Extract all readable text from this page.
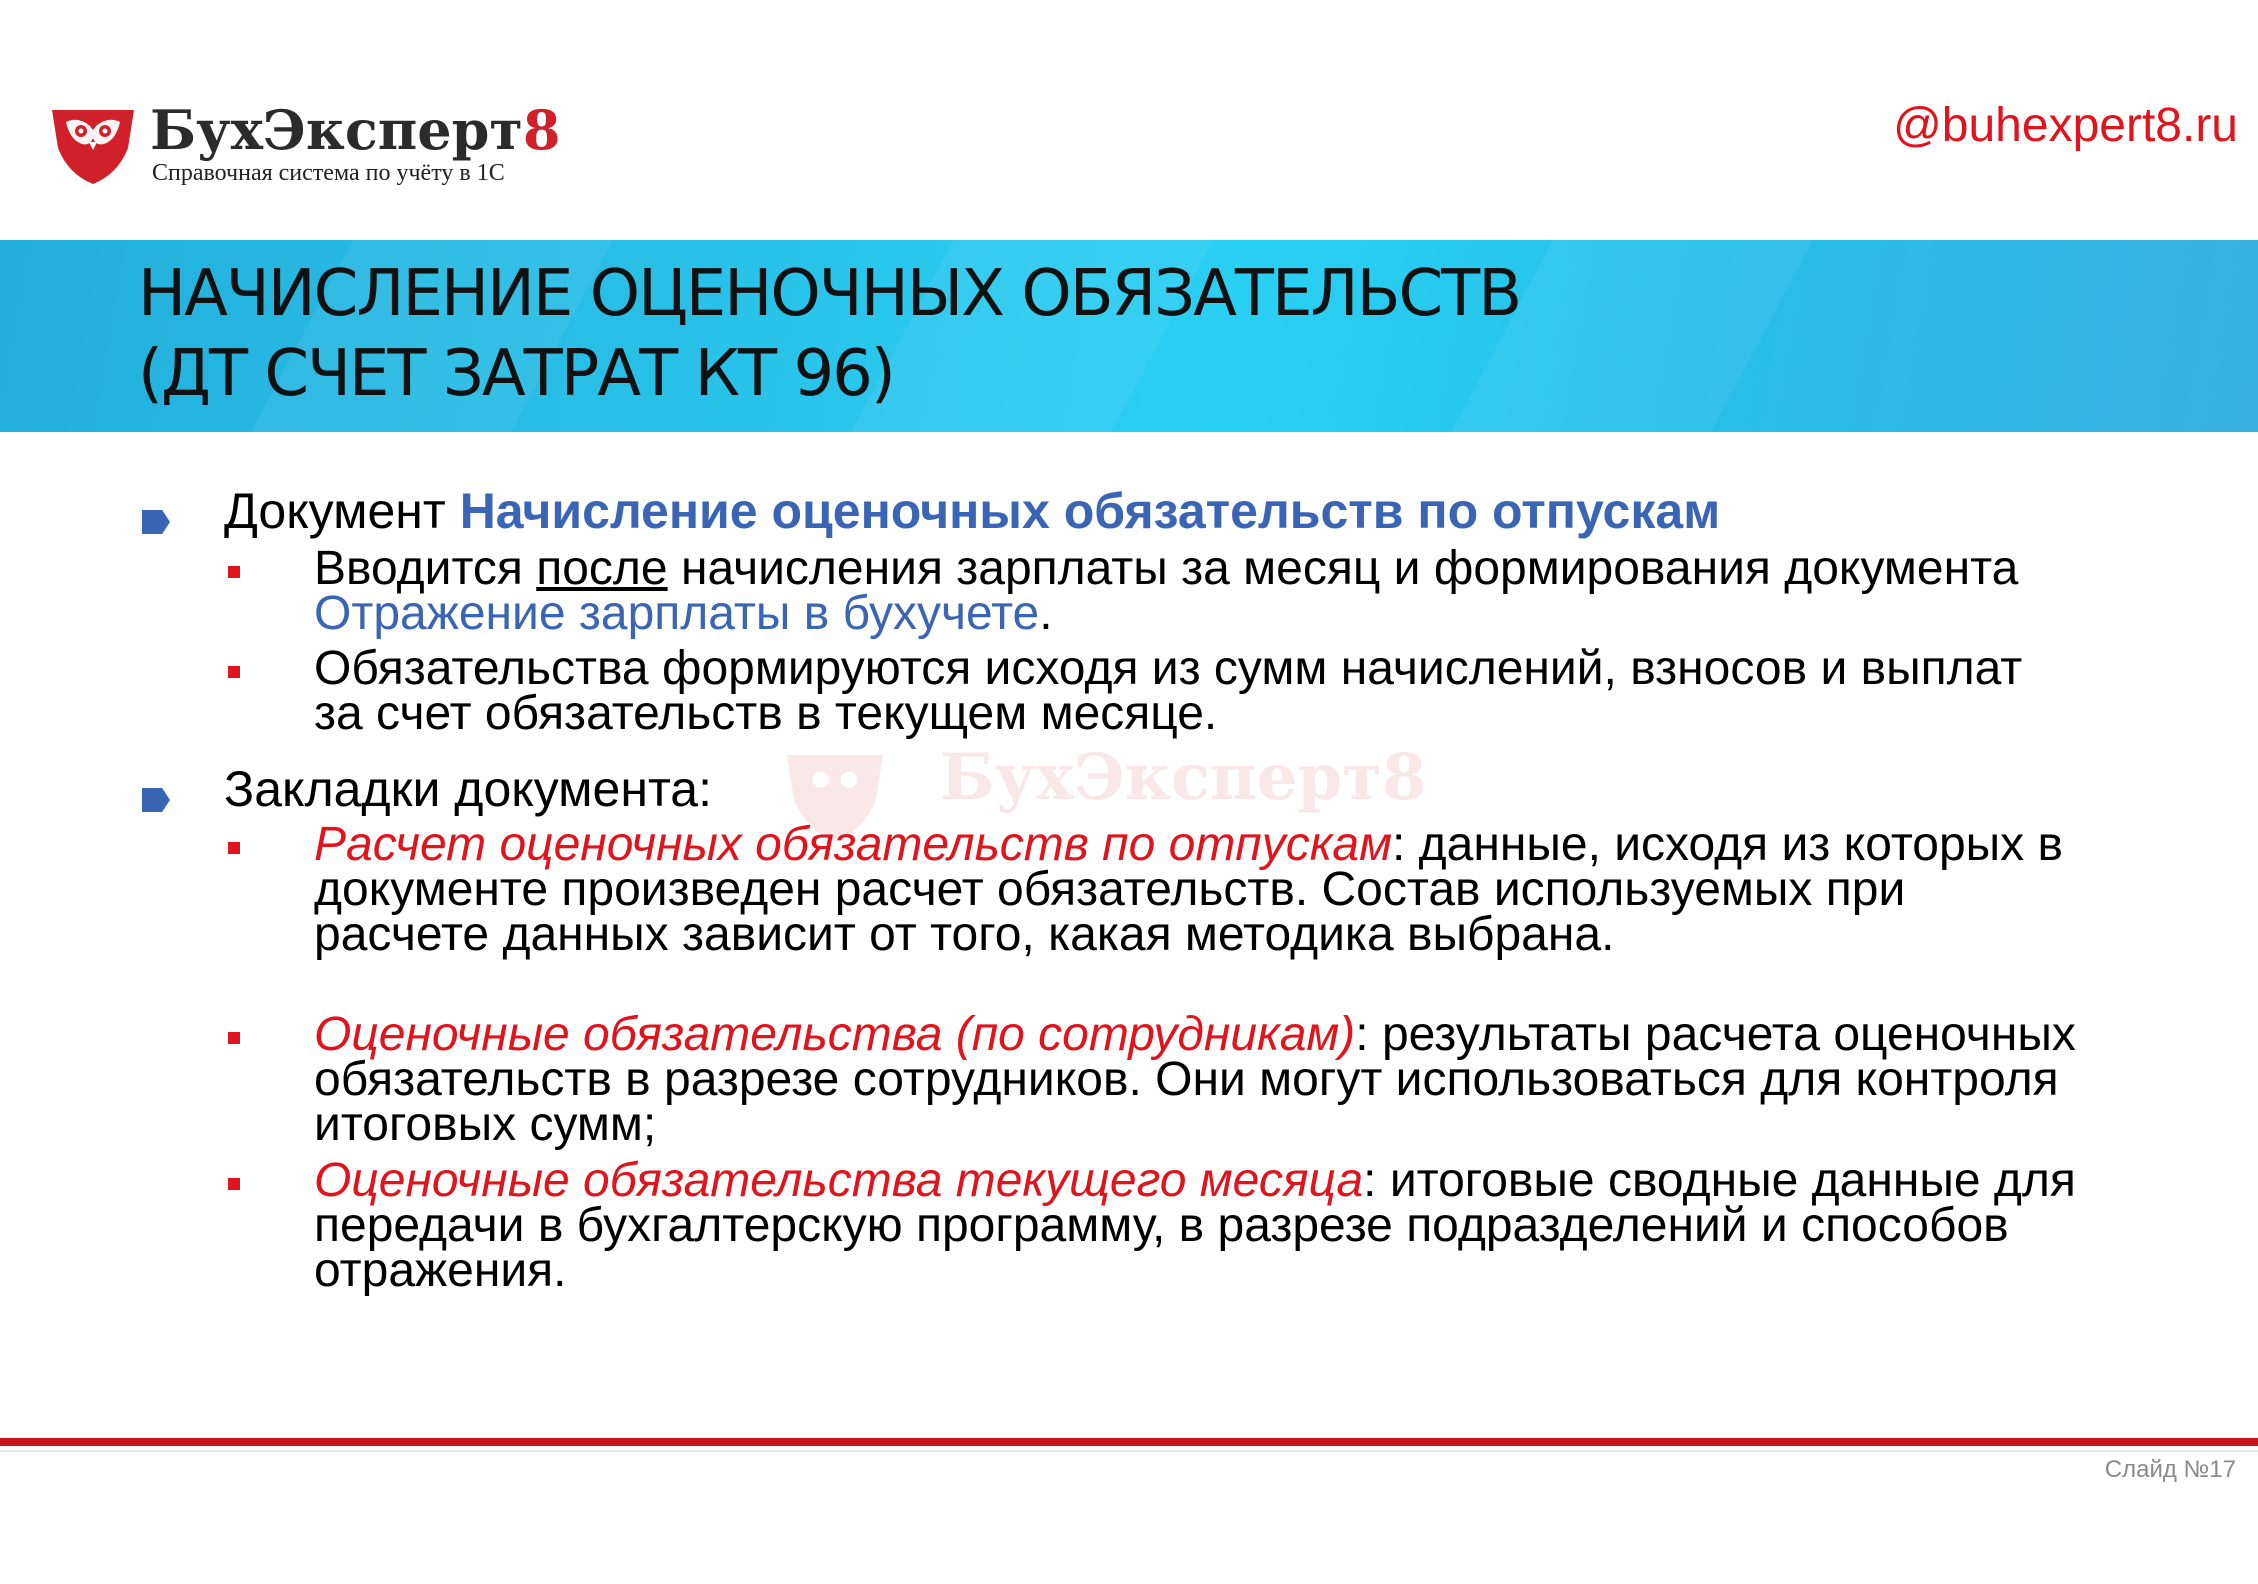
БухЭксперт8
Справочная система по учёту в 1С
@buhexpert8.ru
НАЧИСЛЕНИЕ ОЦЕНОЧНЫХ ОБЯЗАТЕЛЬСТВ
(ДТ СЧЕТ ЗАТРАТ КТ 96)
БухЭксперт8
Документ Начисление оценочных обязательств по отпускам
Вводится после начисления зарплаты за месяц и формирования документа Отражение зарплаты в бухучете.
Обязательства формируются исходя из сумм начислений, взносов и выплат за счет обязательств в текущем месяце.
Закладки документа:
Расчет оценочных обязательств по отпускам: данные, исходя из которых в документе произведен расчет обязательств. Состав используемых при расчете данных зависит от того, какая методика выбрана.
Оценочные обязательства (по сотрудникам): результаты расчета оценочных обязательств в разрезе сотрудников. Они могут использоваться для контроля итоговых сумм;
Оценочные обязательства текущего месяца: итоговые сводные данные для передачи в бухгалтерскую программу, в разрезе подразделений и способов отражения.
Слайд №17
